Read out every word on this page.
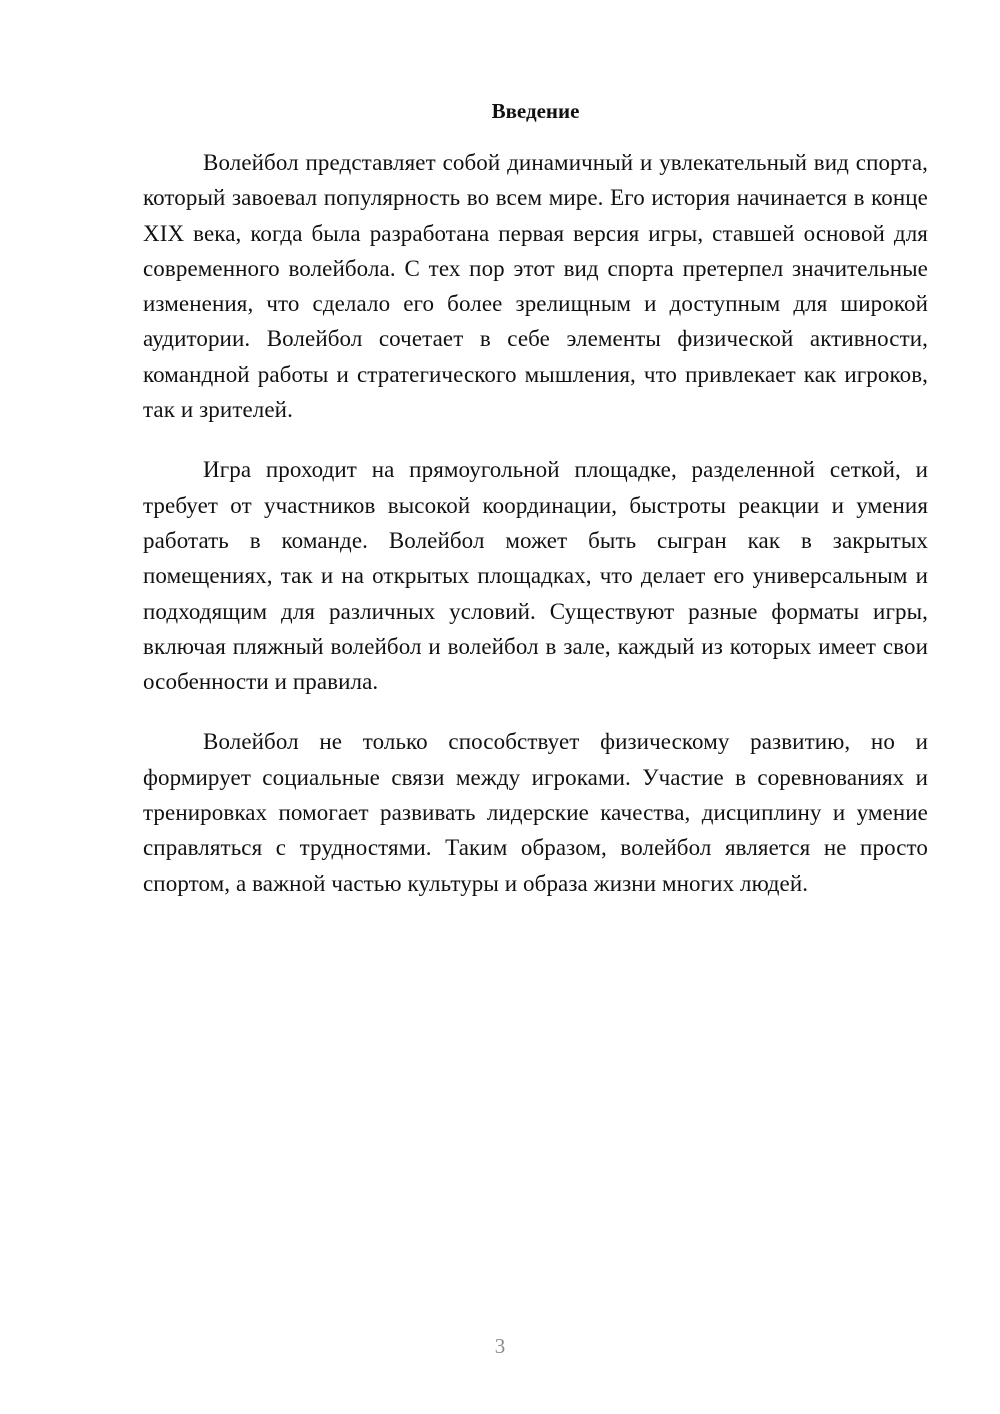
Введение

Волейбол представляет собой динамичный и увлекательный вид спорта, который завоевал популярность во всем мире. Его история начинается в конце XIX века, когда была разработана первая версия игры, ставшей основой для современного волейбола. С тех пор этот вид спорта претерпел значительные изменения, что сделало его более зрелищным и доступным для широкой аудитории. Волейбол сочетает в себе элементы физической активности, командной работы и стратегического мышления, что привлекает как игроков, так и зрителей.

Игра проходит на прямоугольной площадке, разделенной сеткой, и требует от участников высокой координации, быстроты реакции и умения работать в команде. Волейбол может быть сыгран как в закрытых помещениях, так и на открытых площадках, что делает его универсальным и подходящим для различных условий. Существуют разные форматы игры, включая пляжный волейбол и волейбол в зале, каждый из которых имеет свои особенности и правила.

Волейбол не только способствует физическому развитию, но и формирует социальные связи между игроками. Участие в соревнованиях и тренировках помогает развивать лидерские качества, дисциплину и умение справляться с трудностями. Таким образом, волейбол является не просто спортом, а важной частью культуры и образа жизни многих людей.

3
